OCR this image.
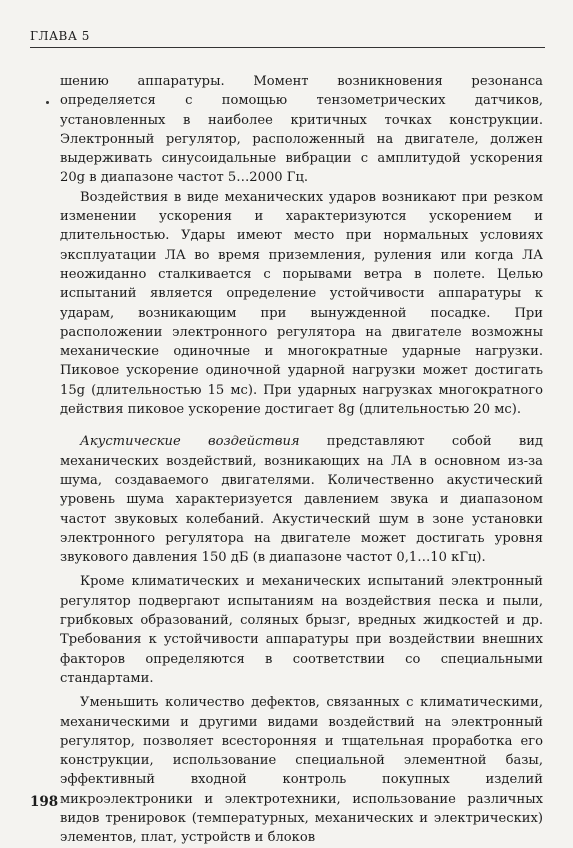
ГЛАВА 5

шению аппаратуры. Момент возникновения резонанса определяется с помощью тензометрических датчиков, установленных в наиболее критичных точках конструкции. Электронный регулятор, расположенный на двигателе, должен выдерживать синусоидальные вибрации с амплитудой ускорения 20g в диапазоне частот 5…2000 Гц.

Воздействия в виде механических ударов возникают при резком изменении ускорения и характеризуются ускорением и длительностью. Удары имеют место при нормальных условиях эксплуатации ЛА во время приземления, руления или когда ЛА неожиданно сталкивается с порывами ветра в полете. Целью испытаний является определение устойчивости аппаратуры к ударам, возникающим при вынужденной посадке. При расположении электронного регулятора на двигателе возможны механические одиночные и многократные ударные нагрузки. Пиковое ускорение одиночной ударной нагрузки может достигать 15g (длительностью 15 мс). При ударных нагрузках многократного действия пиковое ускорение достигает 8g (длительностью 20 мс).

Акустические воздействия представляют собой вид механических воздействий, возникающих на ЛА в основном из-за шума, создаваемого двигателями. Количественно акустический уровень шума характеризуется давлением звука и диапазоном частот звуковых колебаний. Акустический шум в зоне установки электронного регулятора на двигателе может достигать уровня звукового давления 150 дБ (в диапазоне частот 0,1…10 кГц).

Кроме климатических и механических испытаний электронный регулятор подвергают испытаниям на воздействия песка и пыли, грибковых образований, соляных брызг, вредных жидкостей и др. Требования к устойчивости аппаратуры при воздействии внешних факторов определяются в соответствии со специальными стандартами.

Уменьшить количество дефектов, связанных с климатическими, механическими и другими видами воздействий на электронный регулятор, позволяет всесторонняя и тщательная проработка его конструкции, использование специальной элементной базы, эффективный входной контроль покупных изделий микроэлектроники и электротехники, использование различных видов тренировок (температурных, механических и электрических) элементов, плат, устройств и блоков

198
